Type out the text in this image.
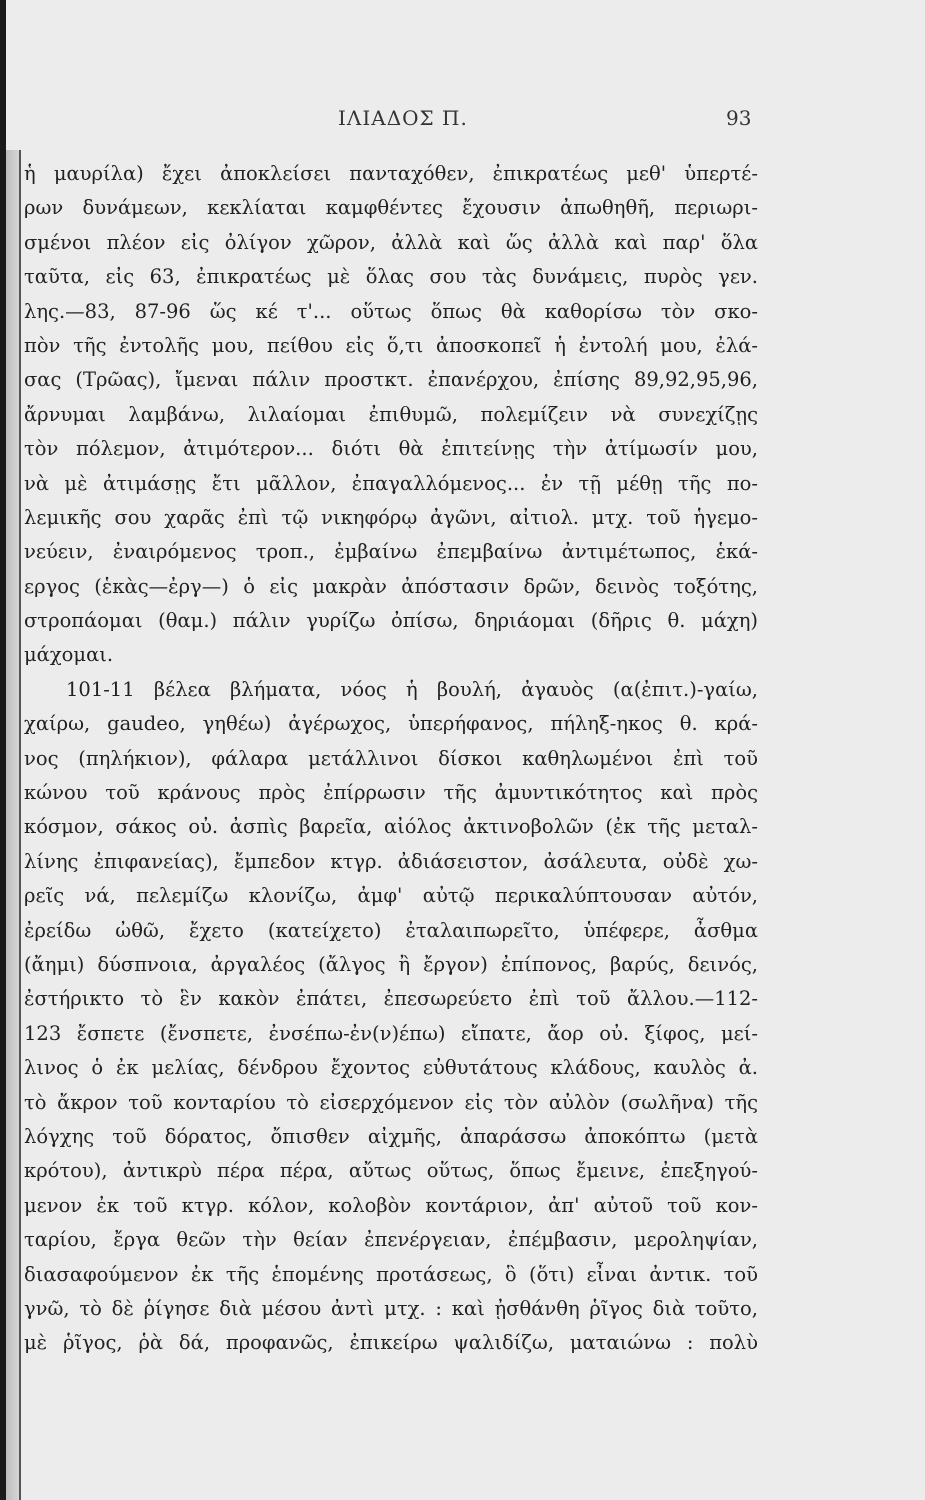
ΙΛΙΑΔΟΣ Π.	93
ἡ μαυρίλα) ἔχει ἀποκλείσει πανταχόθεν, ἐπικρατέως μεθ' ὑπερτέ-
ρων δυνάμεων, κεκλίαται καμφθέντες ἔχουσιν ἀπωθηθῆ, περιωρι-
σμένοι πλέον εἰς ὀλίγον χῶρον, ἀλλὰ καὶ ὥς ἀλλὰ καὶ παρ' ὅλα
ταῦτα, εἰς 63, ἐπικρατέως μὲ ὅλας σου τὰς δυνάμεις, πυρὸς γεν.
λης.—83, 87-96 ὥς κέ τ'... οὕτως ὅπως θὰ καθορίσω τὸν σκο-
πὸν τῆς ἐντολῆς μου, πείθου εἰς ὅ,τι ἀποσκοπεῖ ἡ ἐντολή μου, ἐλά-
σας (Τρῶας), ἴμεναι πάλιν προστκτ. ἐπανέρχου, ἐπίσης 89,92,95,96,
ἄρνυμαι λαμβάνω, λιλαίομαι ἐπιθυμῶ, πολεμίζειν νὰ συνεχίζῃς
τὸν πόλεμον, ἀτιμότερον... διότι θὰ ἐπιτείνῃς τὴν ἀτίμωσίν μου,
νὰ μὲ ἀτιμάσῃς ἔτι μᾶλλον, ἐπαγαλλόμενος... ἐν τῇ μέθῃ τῆς πο-
λεμικῆς σου χαρᾶς ἐπὶ τῷ νικηφόρῳ ἀγῶνι, αἰτιολ. μτχ. τοῦ ἡγεμο-
νεύειν, ἐναιρόμενος τροπ., ἐμβαίνω ἐπεμβαίνω ἀντιμέτωπος, ἑκά-
εργος (ἑκὰς—ἐργ—) ὁ εἰς μακρὰν ἀπόστασιν δρῶν, δεινὸς τοξότης,
στροπάομαι (θαμ.) πάλιν γυρίζω ὀπίσω, δηριάομαι (δῆρις θ. μάχη)
μάχομαι.
101-11 βέλεα βλήματα, νόος ἡ βουλή, ἀγαυὸς (α(ἐπιτ.)-γαίω,
χαίρω, gaudeo, γηθέω) ἀγέρωχος, ὑπερήφανος, πήληξ-ηκος θ. κρά-
νος (πηλήκιον), φάλαρα μετάλλινοι δίσκοι καθηλωμένοι ἐπὶ τοῦ
κώνου τοῦ κράνους πρὸς ἐπίρρωσιν τῆς ἀμυντικότητος καὶ πρὸς
κόσμον, σάκος οὐ. ἀσπὶς βαρεῖα, αἰόλος ἀκτινοβολῶν (ἐκ τῆς μεταλ-
λίνης ἐπιφανείας), ἔμπεδον κτγρ. ἀδιάσειστον, ἀσάλευτα, οὐδὲ χω-
ρεῖς νά, πελεμίζω κλονίζω, ἀμφ' αὐτῷ περικαλύπτουσαν αὐτόν,
ἐρείδω ὠθῶ, ἔχετο (κατείχετο) ἐταλαιπωρεῖτο, ὑπέφερε, ἆσθμα
(ἄημι) δύσπνοια, ἀργαλέος (ἄλγος ἢ ἔργον) ἐπίπονος, βαρύς, δεινός,
ἐστήρικτο τὸ ἓν κακὸν ἐπάτει, ἐπεσωρεύετο ἐπὶ τοῦ ἄλλου.—112-
123 ἔσπετε (ἔνσπετε, ἐνσέπω-ἐν(ν)έπω) εἴπατε, ἄορ οὐ. ξίφος, μεί-
λινος ὁ ἐκ μελίας, δένδρου ἔχοντος εὐθυτάτους κλάδους, καυλὸς ἀ.
τὸ ἄκρον τοῦ κονταρίου τὸ εἰσερχόμενον εἰς τὸν αὐλὸν (σωλῆνα) τῆς
λόγχης τοῦ δόρατος, ὄπισθεν αἰχμῆς, ἀπαράσσω ἀποκόπτω (μετὰ
κρότου), ἀντικρὺ πέρα πέρα, αὔτως οὕτως, ὅπως ἔμεινε, ἐπεξηγού-
μενον ἐκ τοῦ κτγρ. κόλον, κολοβὸν κοντάριον, ἀπ' αὐτοῦ τοῦ κον-
ταρίου, ἔργα θεῶν τὴν θείαν ἐπενέργειαν, ἐπέμβασιν, μεροληψίαν,
διασαφούμενον ἐκ τῆς ἑπομένης προτάσεως, ὃ (ὅτι) εἶναι ἀντικ. τοῦ
γνῶ, τὸ δὲ ῥίγησε διὰ μέσου ἀντὶ μτχ. : καὶ ᾐσθάνθη ῥῖγος διὰ τοῦτο,
μὲ ῥῖγος, ῥὰ δά, προφανῶς, ἐπικείρω ψαλιδίζω, ματαιώνω : πολὺ
